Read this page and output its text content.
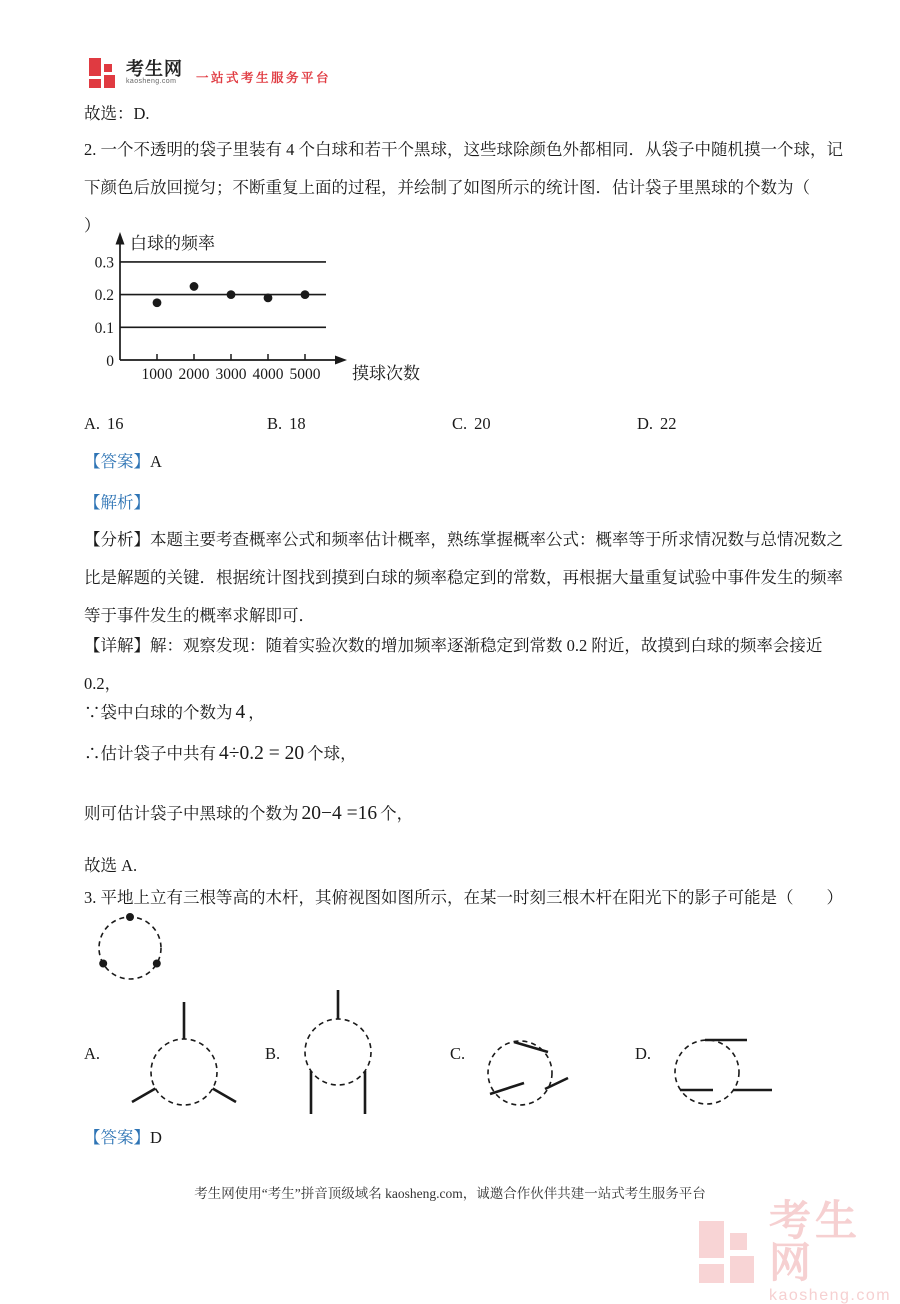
考生网
kaosheng.com	一站式考生服务平台
故选：D.
2. 一个不透明的袋子里装有 4 个白球和若干个黑球，这些球除颜色外都相同．从袋子中随机摸一个球，记
下颜色后放回搅匀；不断重复上面的过程，并绘制了如图所示的统计图．估计袋子里黑球的个数为（
）
白球的频率
摸球次数
0
0.1
0.2
0.3
1000 2000 3000 4000 5000
A. 16	B. 18	C. 20	D. 22
【答案】A
【解析】
【分析】本题主要考查概率公式和频率估计概率，熟练掌握概率公式：概率等于所求情况数与总情况数之
比是解题的关键．根据统计图找到摸到白球的频率稳定到的常数，再根据大量重复试验中事件发生的频率
等于事件发生的概率求解即可．
【详解】解：观察发现：随着实验次数的增加频率逐渐稳定到常数 0.2 附近，故摸到白球的频率会接近
0.2，
∵袋中白球的个数为 4 ，
∴估计袋子中共有 4÷0.2 = 20 个球，
则可估计袋子中黑球的个数为 20−4 =16 个，
故选 A.
3. 平地上立有三根等高的木杆，其俯视图如图所示，在某一时刻三根木杆在阳光下的影子可能是（　　）
A.	B.	C.	D.
【答案】D
考生网使用“考生”拼音顶级域名 kaosheng.com，诚邀合作伙伴共建一站式考生服务平台
考生网
kaosheng.com
